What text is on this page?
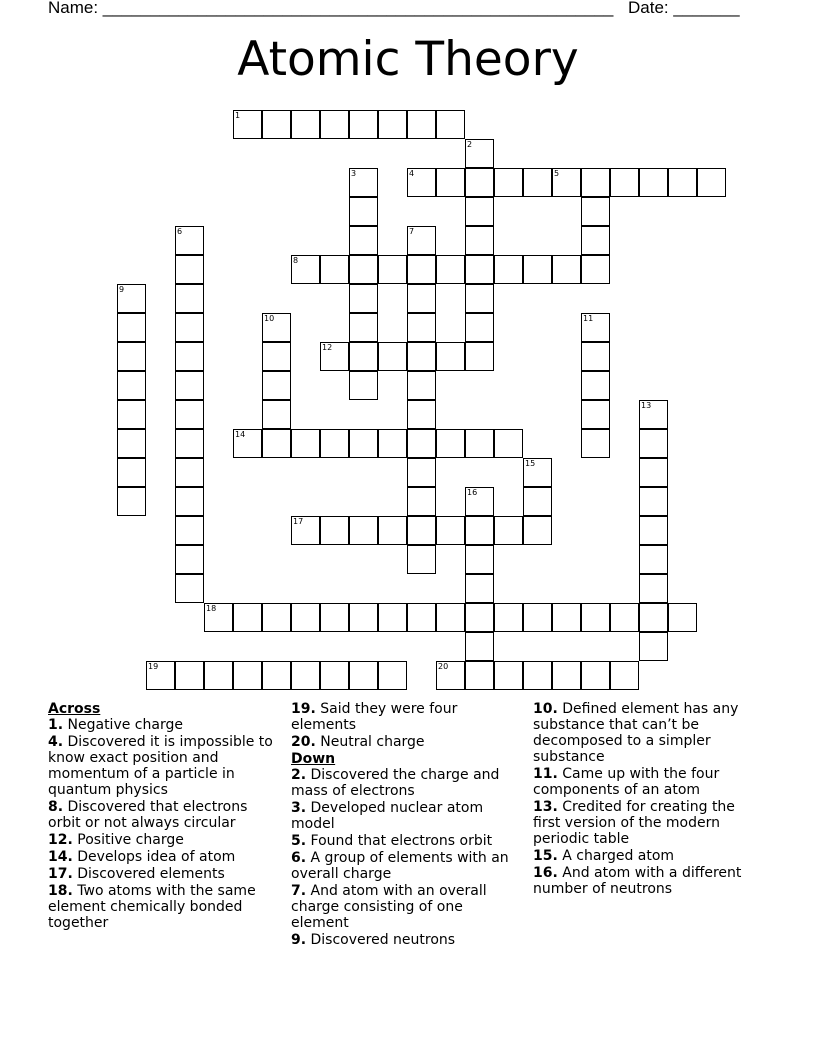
Name: ______________________________________________________ Date: _______
Atomic Theory
1
2
3	4	5
6	7
8
9
10	11
12
13
14
15
16
17
18
19	20
Across
1. Negative charge
4. Discovered it is impossible to know exact position and momentum of a particle in quantum physics
8. Discovered that electrons orbit or not always circular
12. Positive charge
14. Develops idea of atom
17. Discovered elements
18. Two atoms with the same element chemically bonded together
19. Said they were four elements
20. Neutral charge
Down
2. Discovered the charge and mass of electrons
3. Developed nuclear atom model
5. Found that electrons orbit
6. A group of elements with an overall charge
7. And atom with an overall charge consisting of one element
9. Discovered neutrons
10. Defined element has any substance that can’t be decomposed to a simpler substance
11. Came up with the four components of an atom
13. Credited for creating the first version of the modern periodic table
15. A charged atom
16. And atom with a different number of neutrons
